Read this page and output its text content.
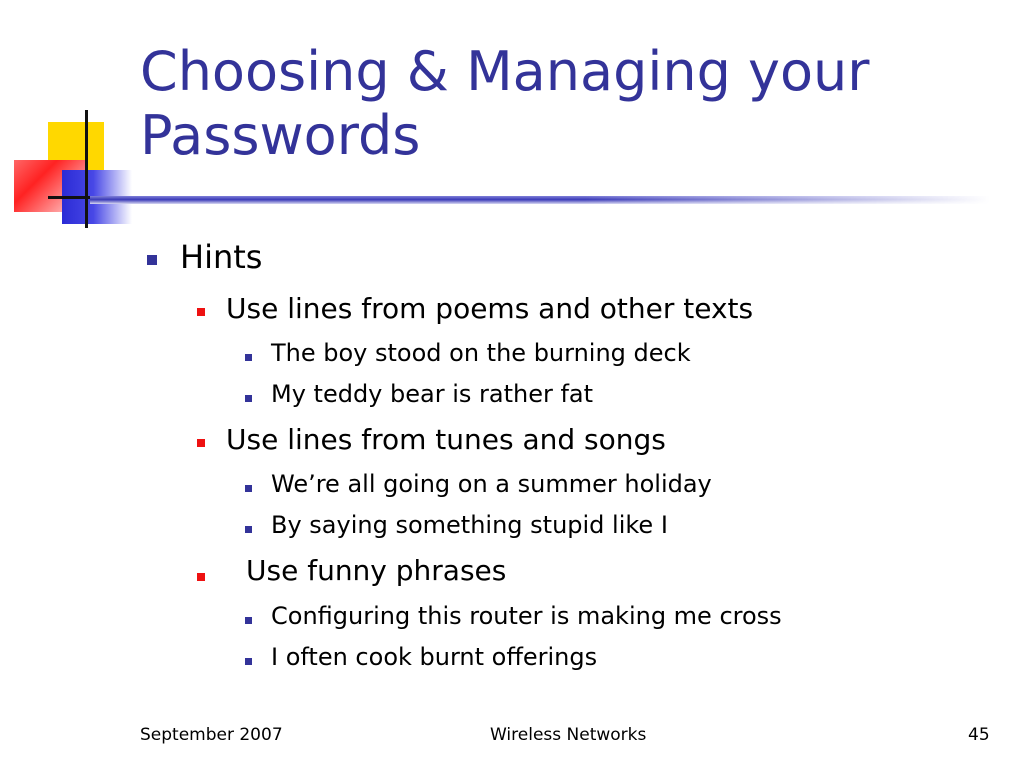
Choosing & Managing your
Passwords
Hints
Use lines from poems and other texts
The boy stood on the burning deck
My teddy bear is rather fat
Use lines from tunes and songs
We’re all going on a summer holiday
By saying something stupid like I
Use funny phrases
Configuring this router is making me cross
I often cook burnt offerings
September 2007	Wireless Networks	45
